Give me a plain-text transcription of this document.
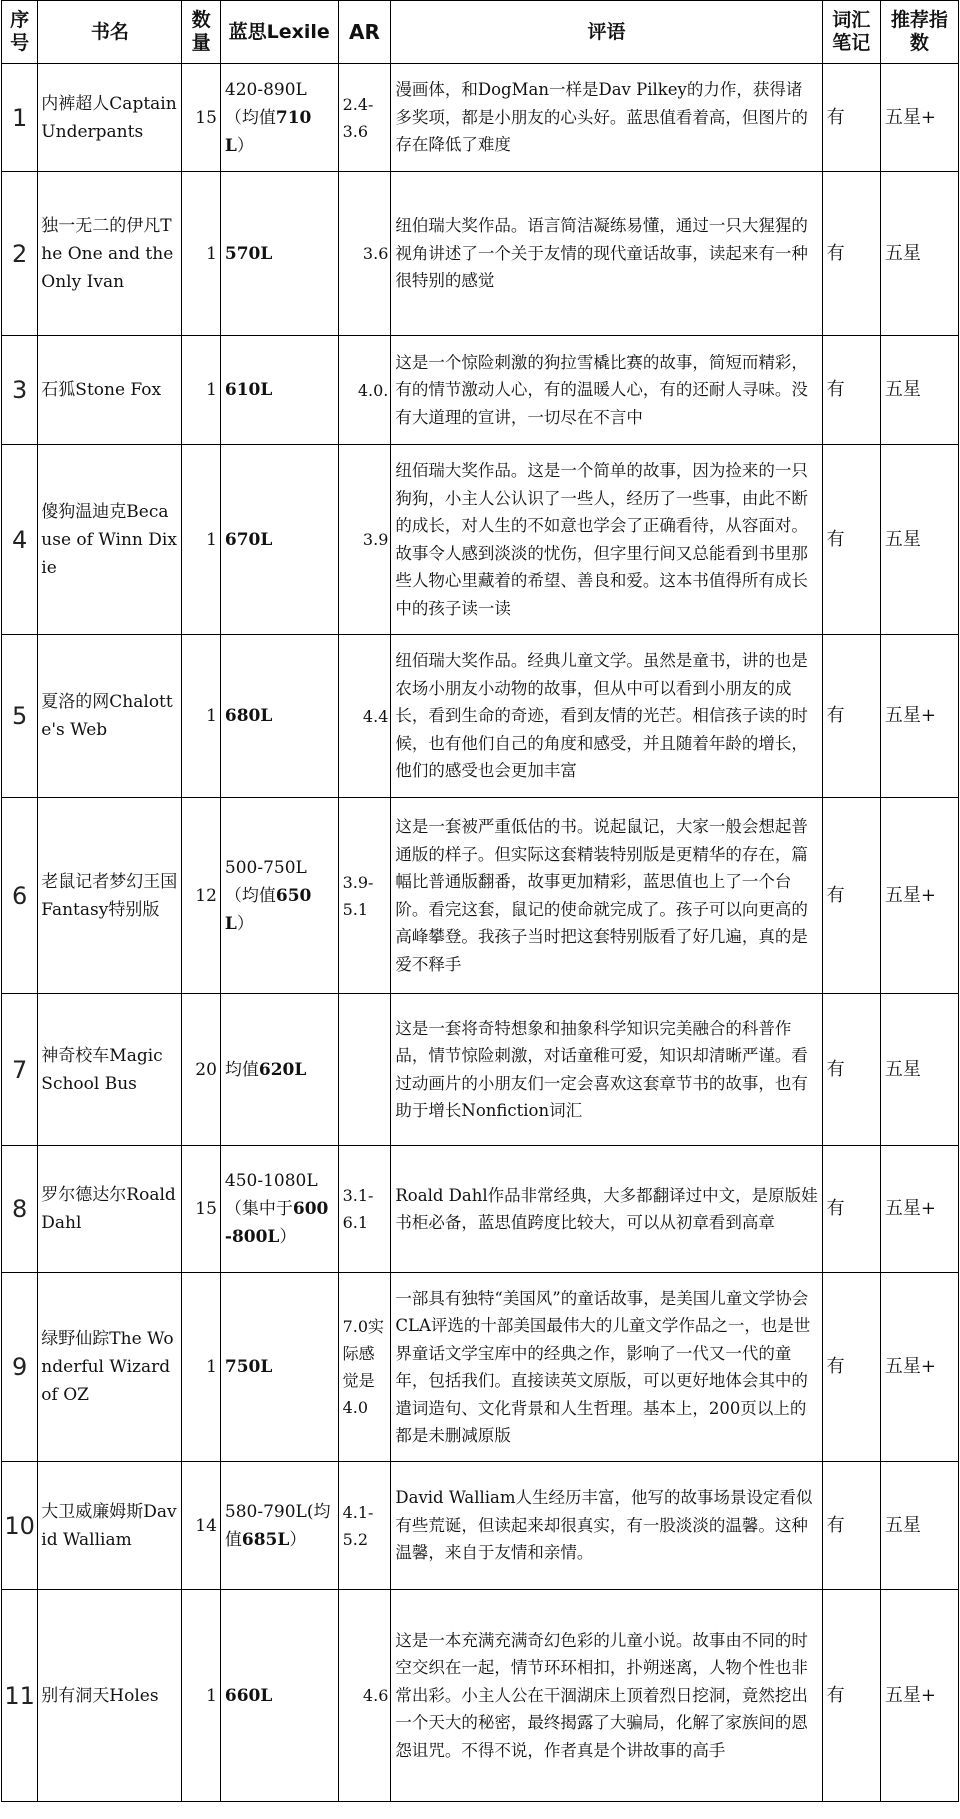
序号	书名	数量	蓝思Lexile	AR	评语	词汇笔记	推荐指数
1	内裤超人Captain Underpants	15	420-890L（均值710L）	2.4-3.6	漫画体，和DogMan一样是Dav Pilkey的力作，获得诸多奖项，都是小朋友的心头好。蓝思值看着高，但图片的存在降低了难度	有	五星+
2	独一无二的伊凡The One and the Only Ivan	1	570L	3.6	纽伯瑞大奖作品。语言简洁凝练易懂，通过一只大猩猩的视角讲述了一个关于友情的现代童话故事，读起来有一种很特别的感觉	有	五星
3	石狐Stone Fox	1	610L	4.0.	这是一个惊险刺激的狗拉雪橇比赛的故事，简短而精彩，有的情节激动人心，有的温暖人心，有的还耐人寻味。没有大道理的宣讲，一切尽在不言中	有	五星
4	傻狗温迪克Because of Winn Dixie	1	670L	3.9	纽佰瑞大奖作品。这是一个简单的故事，因为捡来的一只狗狗，小主人公认识了一些人，经历了一些事，由此不断的成长，对人生的不如意也学会了正确看待，从容面对。故事令人感到淡淡的忧伤，但字里行间又总能看到书里那些人物心里藏着的希望、善良和爱。这本书值得所有成长中的孩子读一读	有	五星
5	夏洛的网Chalotte's Web	1	680L	4.4	纽佰瑞大奖作品。经典儿童文学。虽然是童书，讲的也是农场小朋友小动物的故事，但从中可以看到小朋友的成长，看到生命的奇迹，看到友情的光芒。相信孩子读的时候，也有他们自己的角度和感受，并且随着年龄的增长，他们的感受也会更加丰富	有	五星+
6	老鼠记者梦幻王国Fantasy特别版	12	500-750L（均值650L）	3.9-5.1	这是一套被严重低估的书。说起鼠记，大家一般会想起普通版的样子。但实际这套精装特别版是更精华的存在，篇幅比普通版翻番，故事更加精彩，蓝思值也上了一个台阶。看完这套，鼠记的使命就完成了。孩子可以向更高的高峰攀登。我孩子当时把这套特别版看了好几遍，真的是爱不释手	有	五星+
7	神奇校车Magic School Bus	20	均值620L		这是一套将奇特想象和抽象科学知识完美融合的科普作品，情节惊险刺激，对话童稚可爱，知识却清晰严谨。看过动画片的小朋友们一定会喜欢这套章节书的故事，也有助于增长Nonfiction词汇	有	五星
8	罗尔德达尔Roald Dahl	15	450-1080L（集中于600-800L）	3.1-6.1	Roald Dahl作品非常经典，大多都翻译过中文，是原版娃书柜必备，蓝思值跨度比较大，可以从初章看到高章	有	五星+
9	绿野仙踪The Wonderful Wizard of OZ	1	750L	7.0实际感觉是4.0	一部具有独特“美国风”的童话故事，是美国儿童文学协会CLA评选的十部美国最伟大的儿童文学作品之一，也是世界童话文学宝库中的经典之作，影响了一代又一代的童年，包括我们。直接读英文原版，可以更好地体会其中的遣词造句、文化背景和人生哲理。基本上，200页以上的都是未删减原版	有	五星+
10	大卫威廉姆斯David Walliam	14	580-790L(均值685L）	4.1-5.2	David Walliam人生经历丰富，他写的故事场景设定看似有些荒诞，但读起来却很真实，有一股淡淡的温馨。这种温馨，来自于友情和亲情。	有	五星
11	别有洞天Holes	1	660L	4.6	这是一本充满充满奇幻色彩的儿童小说。故事由不同的时空交织在一起，情节环环相扣，扑朔迷离，人物个性也非常出彩。小主人公在干涸湖床上顶着烈日挖洞，竟然挖出一个天大的秘密，最终揭露了大骗局，化解了家族间的恩怨诅咒。不得不说，作者真是个讲故事的高手	有	五星+
